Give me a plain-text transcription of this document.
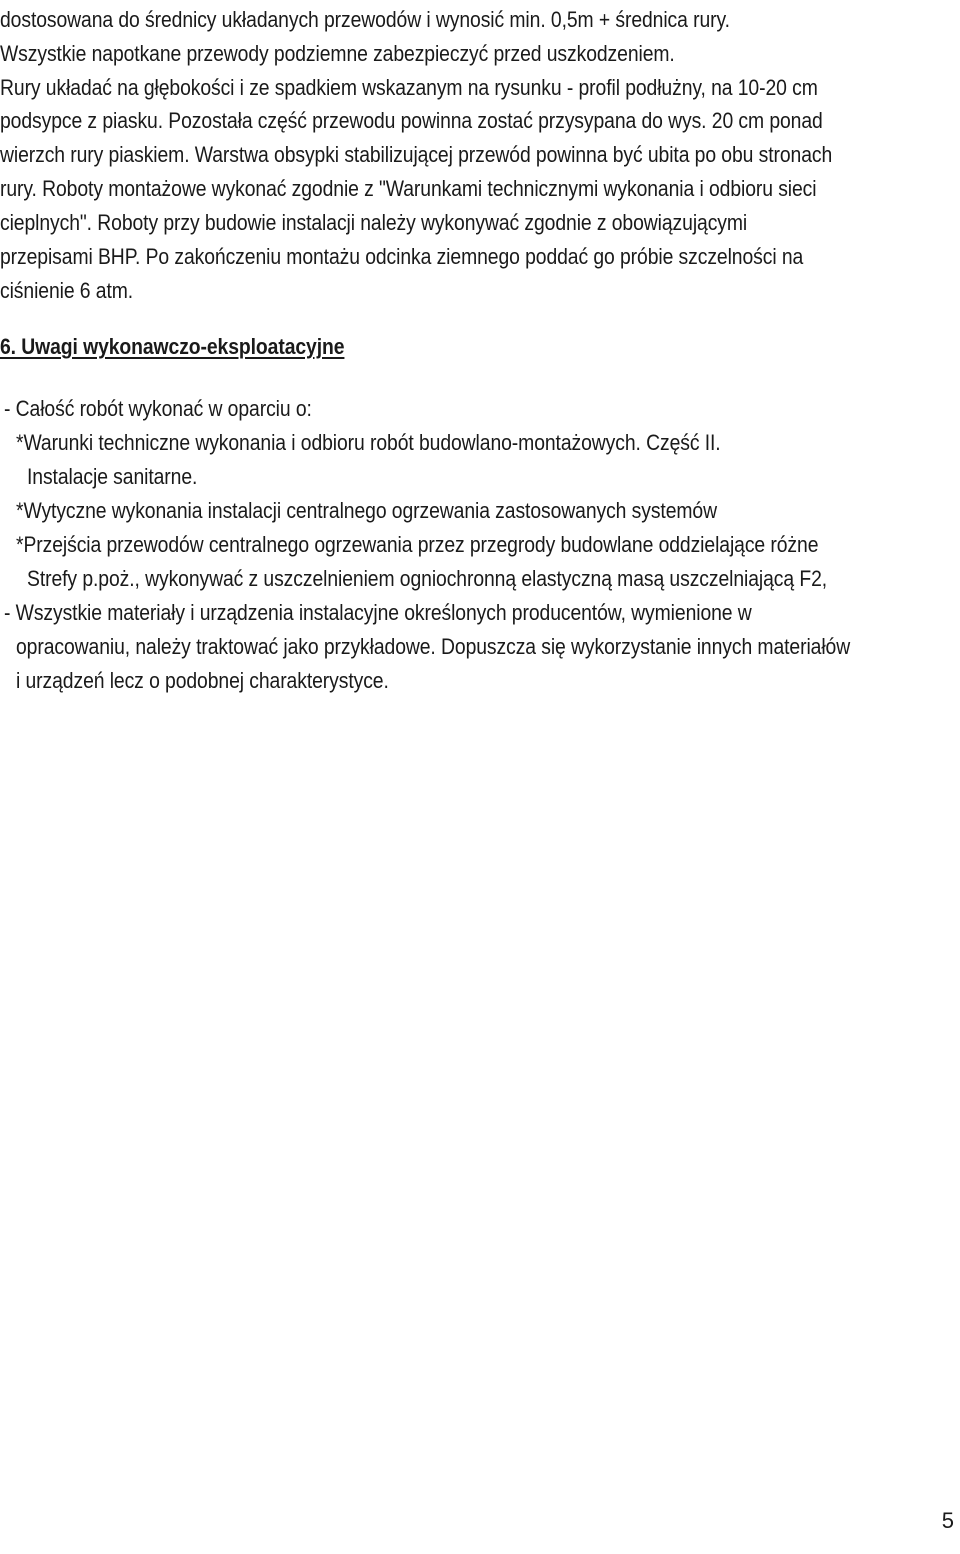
dostosowana do średnicy układanych przewodów i wynosić min. 0,5m + średnica rury.
Wszystkie napotkane przewody podziemne zabezpieczyć przed uszkodzeniem.
Rury układać na głębokości i ze spadkiem wskazanym na rysunku - profil podłużny, na 10-20 cm
podsypce z piasku. Pozostała część przewodu powinna zostać przysypana do wys. 20 cm ponad
wierzch rury piaskiem. Warstwa obsypki stabilizującej przewód powinna być ubita po obu stronach
rury. Roboty montażowe wykonać zgodnie z "Warunkami technicznymi wykonania i odbioru sieci
cieplnych". Roboty przy budowie instalacji należy wykonywać zgodnie z obowiązującymi
przepisami BHP. Po zakończeniu montażu odcinka ziemnego poddać go próbie szczelności na
ciśnienie 6 atm.
6. Uwagi wykonawczo-eksploatacyjne
- Całość robót wykonać w oparciu o:
*Warunki techniczne wykonania i odbioru robót budowlano-montażowych. Część II.
Instalacje sanitarne.
*Wytyczne wykonania instalacji centralnego ogrzewania zastosowanych systemów
*Przejścia przewodów centralnego ogrzewania przez przegrody budowlane oddzielające różne
Strefy p.poż., wykonywać z uszczelnieniem ogniochronną elastyczną masą uszczelniającą F2,
- Wszystkie materiały i urządzenia instalacyjne określonych producentów, wymienione w
opracowaniu, należy traktować jako przykładowe. Dopuszcza się wykorzystanie innych materiałów
i urządzeń lecz o podobnej charakterystyce.
5
